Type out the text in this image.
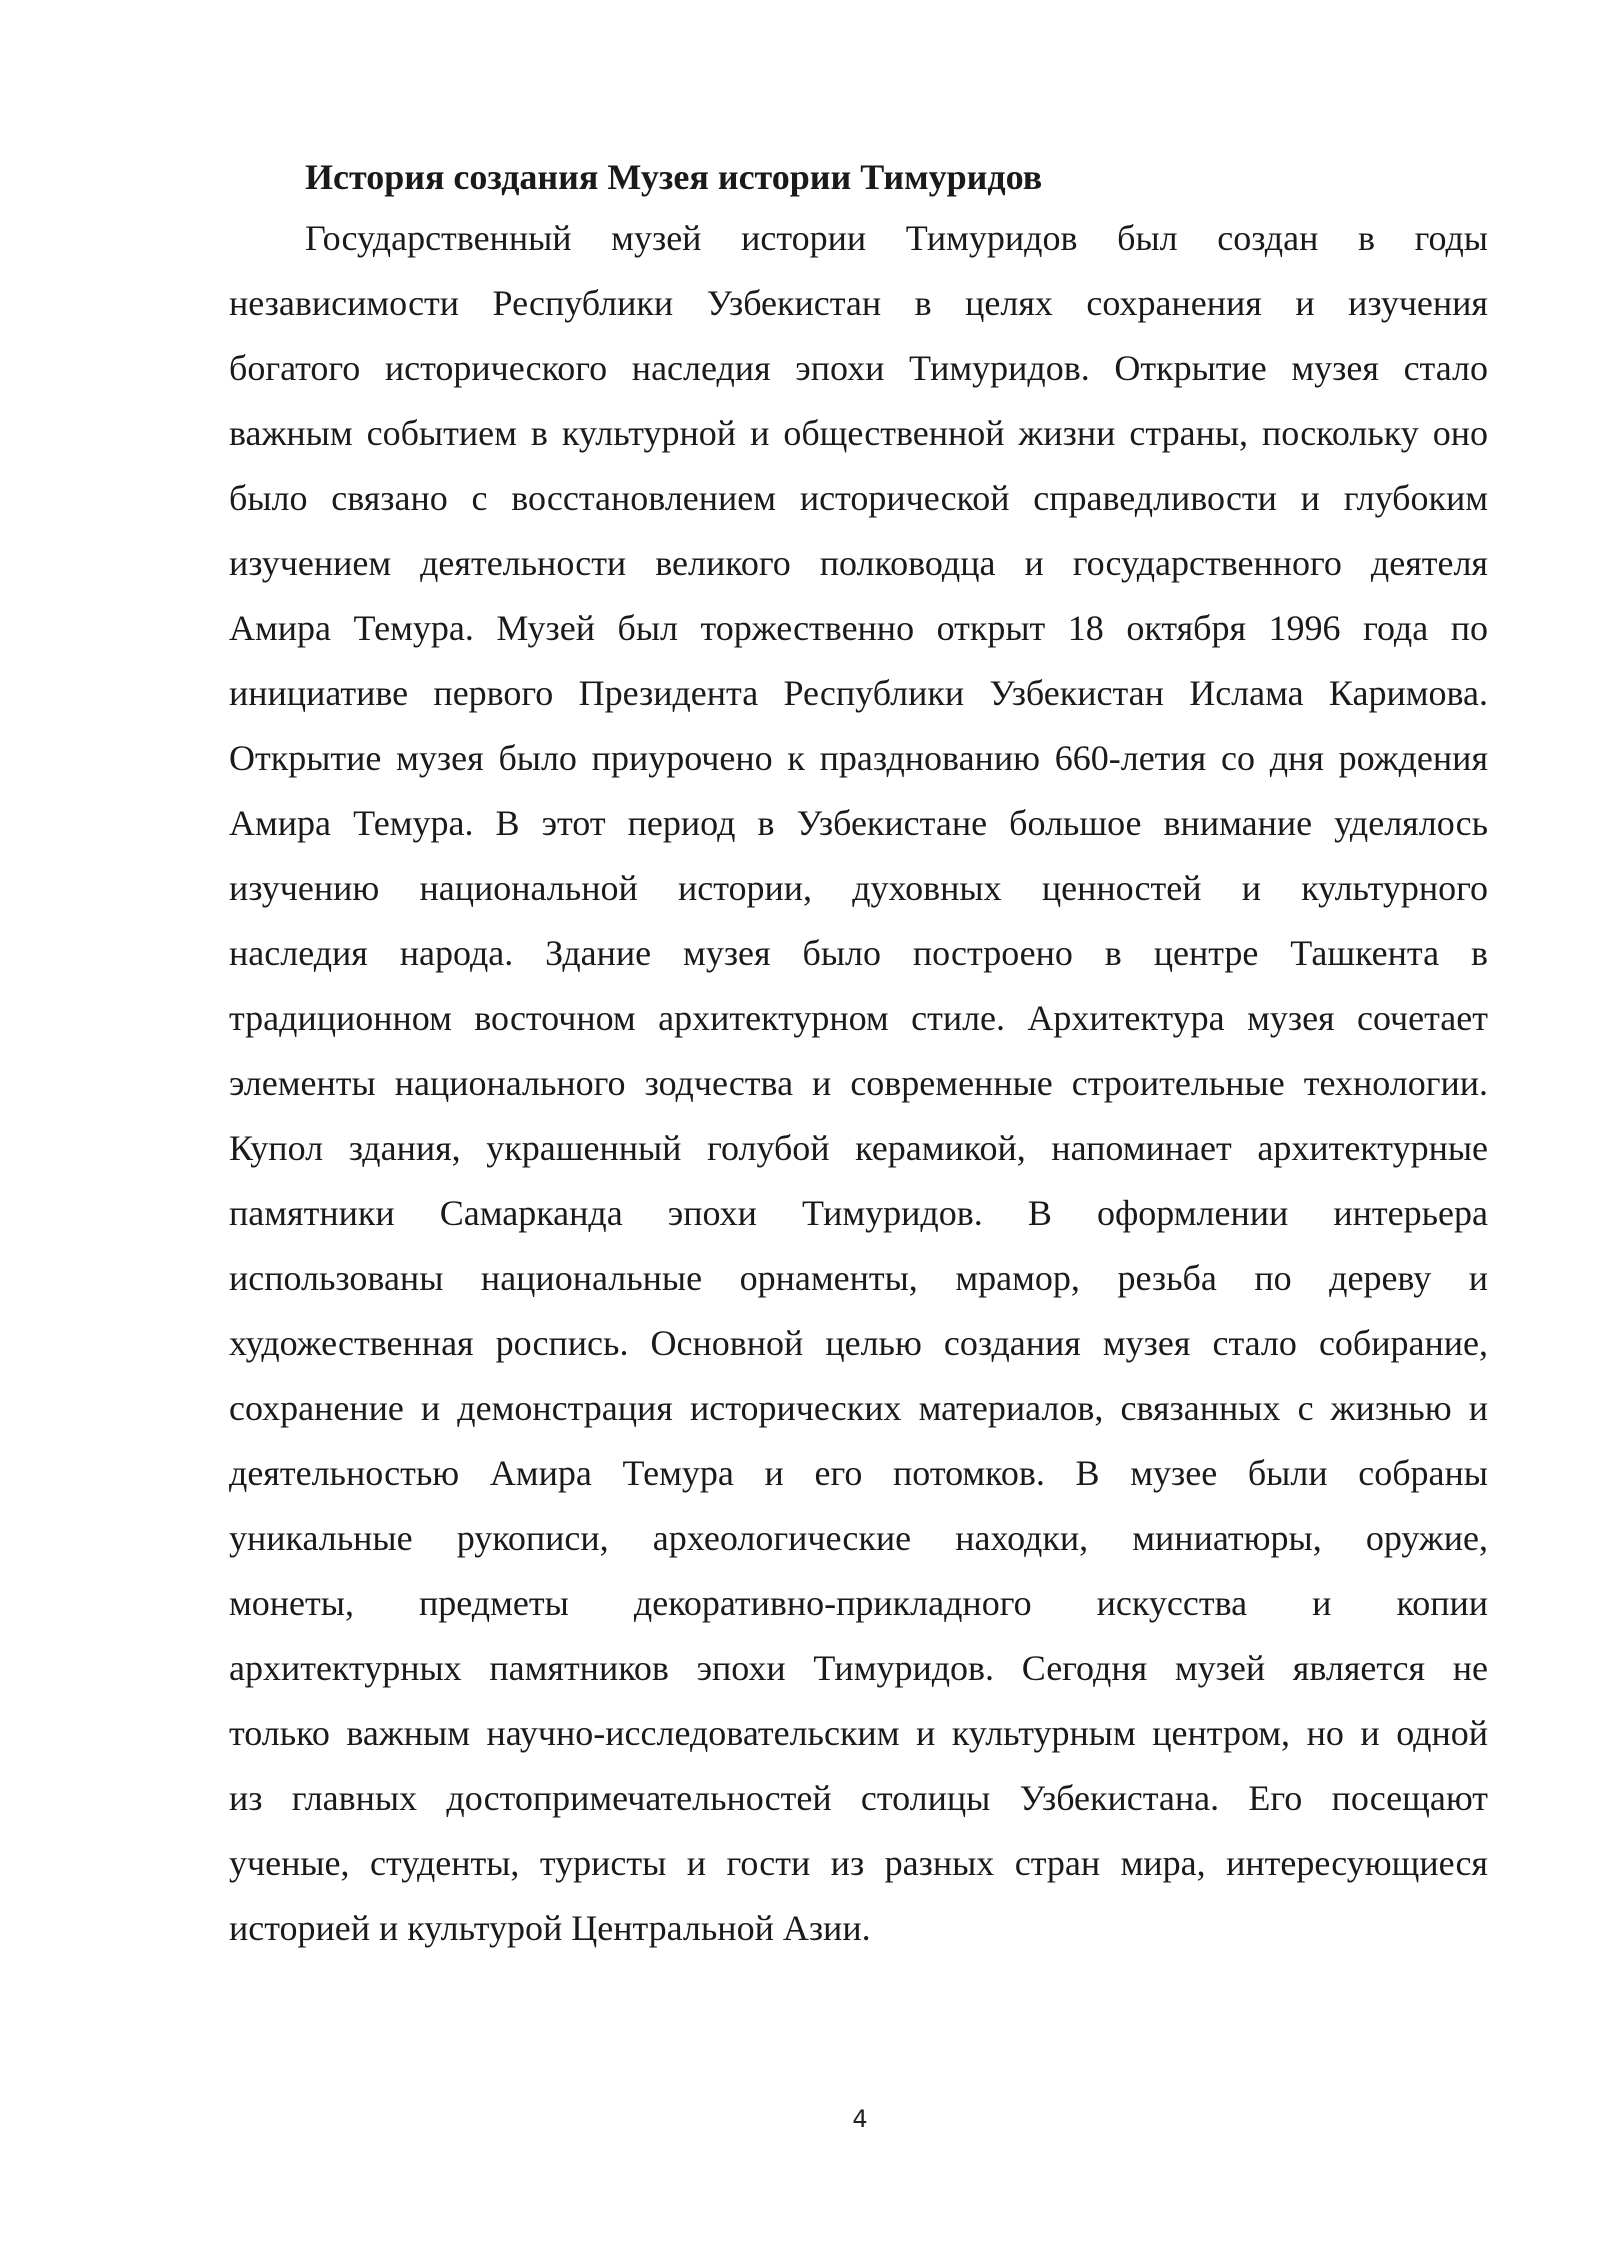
История создания Музея истории Тимуридов
Государственный музей истории Тимуридов был создан в годы
независимости Республики Узбекистан в целях сохранения и изучения
богатого исторического наследия эпохи Тимуридов. Открытие музея стало
важным событием в культурной и общественной жизни страны, поскольку оно
было связано с восстановлением исторической справедливости и глубоким
изучением деятельности великого полководца и государственного деятеля
Амира Темура. Музей был торжественно открыт 18 октября 1996 года по
инициативе первого Президента Республики Узбекистан Ислама Каримова.
Открытие музея было приурочено к празднованию 660-летия со дня рождения
Амира Темура. В этот период в Узбекистане большое внимание уделялось
изучению национальной истории, духовных ценностей и культурного
наследия народа. Здание музея было построено в центре Ташкента в
традиционном восточном архитектурном стиле. Архитектура музея сочетает
элементы национального зодчества и современные строительные технологии.
Купол здания, украшенный голубой керамикой, напоминает архитектурные
памятники Самарканда эпохи Тимуридов. В оформлении интерьера
использованы национальные орнаменты, мрамор, резьба по дереву и
художественная роспись. Основной целью создания музея стало собирание,
сохранение и демонстрация исторических материалов, связанных с жизнью и
деятельностью Амира Темура и его потомков. В музее были собраны
уникальные рукописи, археологические находки, миниатюры, оружие,
монеты, предметы декоративно-прикладного искусства и копии
архитектурных памятников эпохи Тимуридов. Сегодня музей является не
только важным научно-исследовательским и культурным центром, но и одной
из главных достопримечательностей столицы Узбекистана. Его посещают
ученые, студенты, туристы и гости из разных стран мира, интересующиеся
историей и культурой Центральной Азии.
4
